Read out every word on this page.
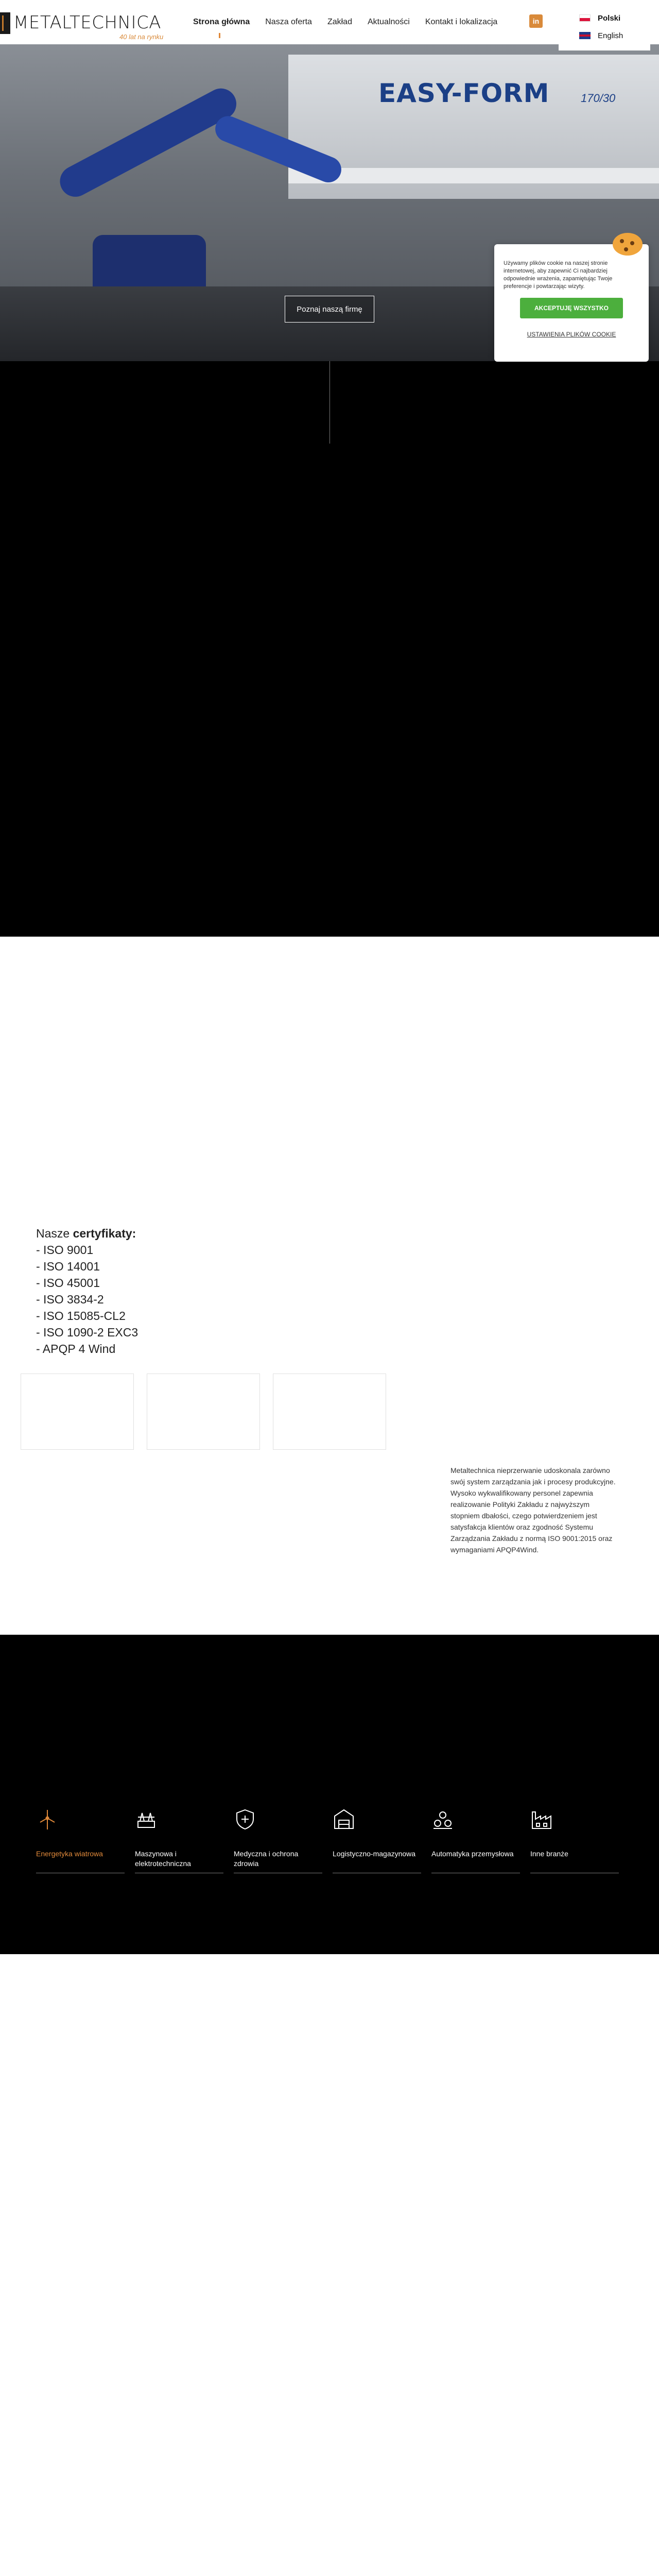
METALTECHNICA
40 lat na rynku
Strona główna Nasza oferta Zakład Aktualności Kontakt i lokalizacja	in	Polski
English
EASY-FORM	170/30
Poznaj naszą firmę

Używamy plików cookie na naszej stronie internetowej, aby zapewnić Ci najbardziej odpowiednie wrażenia, zapamiętując Twoje preferencje i powtarzając wizyty.

AKCEPTUJĘ WSZYSTKO
USTAWIENIA PLIKÓW COOKIE
Nasze certyfikaty:
- ISO 9001
- ISO 14001
- ISO 45001
- ISO 3834-2
- ISO 15085-CL2
- ISO 1090-2 EXC3
- APQP 4 Wind

Metaltechnica nieprzerwanie udoskonala zarówno swój system zarządzania jak i procesy produkcyjne. Wysoko wykwalifikowany personel zapewnia realizowanie Polityki Zakładu z najwyższym stopniem dbałości, czego potwierdzeniem jest satysfakcja klientów oraz zgodność Systemu Zarządzania Zakładu z normą ISO 9001:2015 oraz wymaganiami APQP4Wind.

Energetyka wiatrowa	Maszynowa i elektrotechniczna
Medyczna i ochrona zdrowia
Logistyczno-magazynowa	Automatyka przemysłowa	Inne branże
